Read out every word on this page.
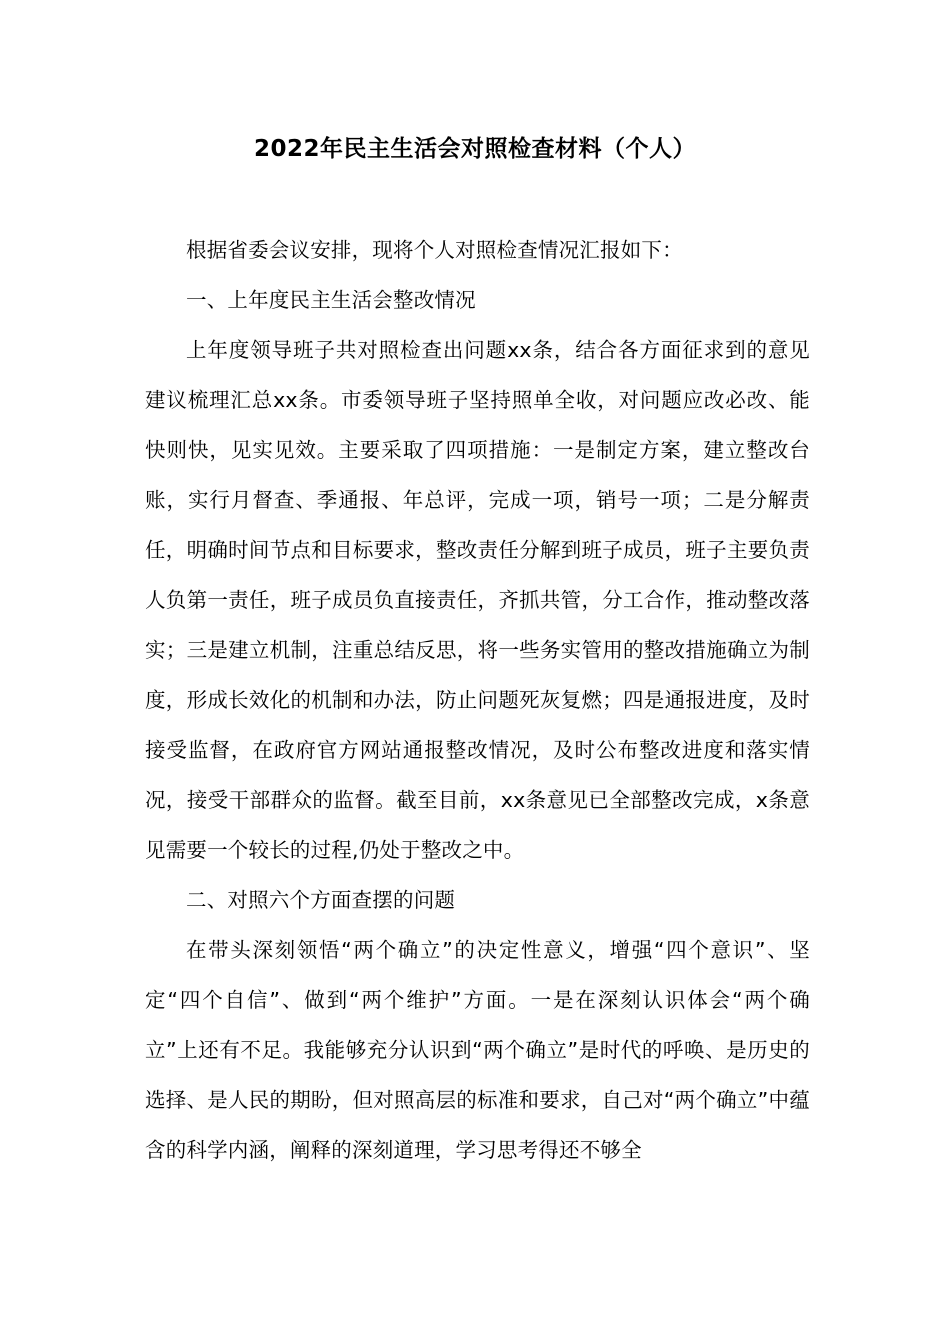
2022年民主生活会对照检查材料（个人）

根据省委会议安排，现将个人对照检查情况汇报如下：

一、上年度民主生活会整改情况

上年度领导班子共对照检查出问题xx条，结合各方面征求到的意见建议梳理汇总xx条。市委领导班子坚持照单全收，对问题应改必改、能快则快，见实见效。主要采取了四项措施：一是制定方案，建立整改台账，实行月督查、季通报、年总评，完成一项，销号一项；二是分解责任，明确时间节点和目标要求，整改责任分解到班子成员，班子主要负责人负第一责任，班子成员负直接责任，齐抓共管，分工合作，推动整改落实；三是建立机制，注重总结反思，将一些务实管用的整改措施确立为制度，形成长效化的机制和办法，防止问题死灰复燃；四是通报进度，及时接受监督，在政府官方网站通报整改情况，及时公布整改进度和落实情况，接受干部群众的监督。截至目前，xx条意见已全部整改完成，x条意见需要一个较长的过程,仍处于整改之中。

二、对照六个方面查摆的问题

在带头深刻领悟“两个确立”的决定性意义，增强“四个意识”、坚定“四个自信”、做到“两个维护”方面。一是在深刻认识体会“两个确立”上还有不足。我能够充分认识到“两个确立”是时代的呼唤、是历史的选择、是人民的期盼，但对照高层的标准和要求，自己对“两个确立”中蕴含的科学内涵，阐释的深刻道理，学习思考得还不够全
